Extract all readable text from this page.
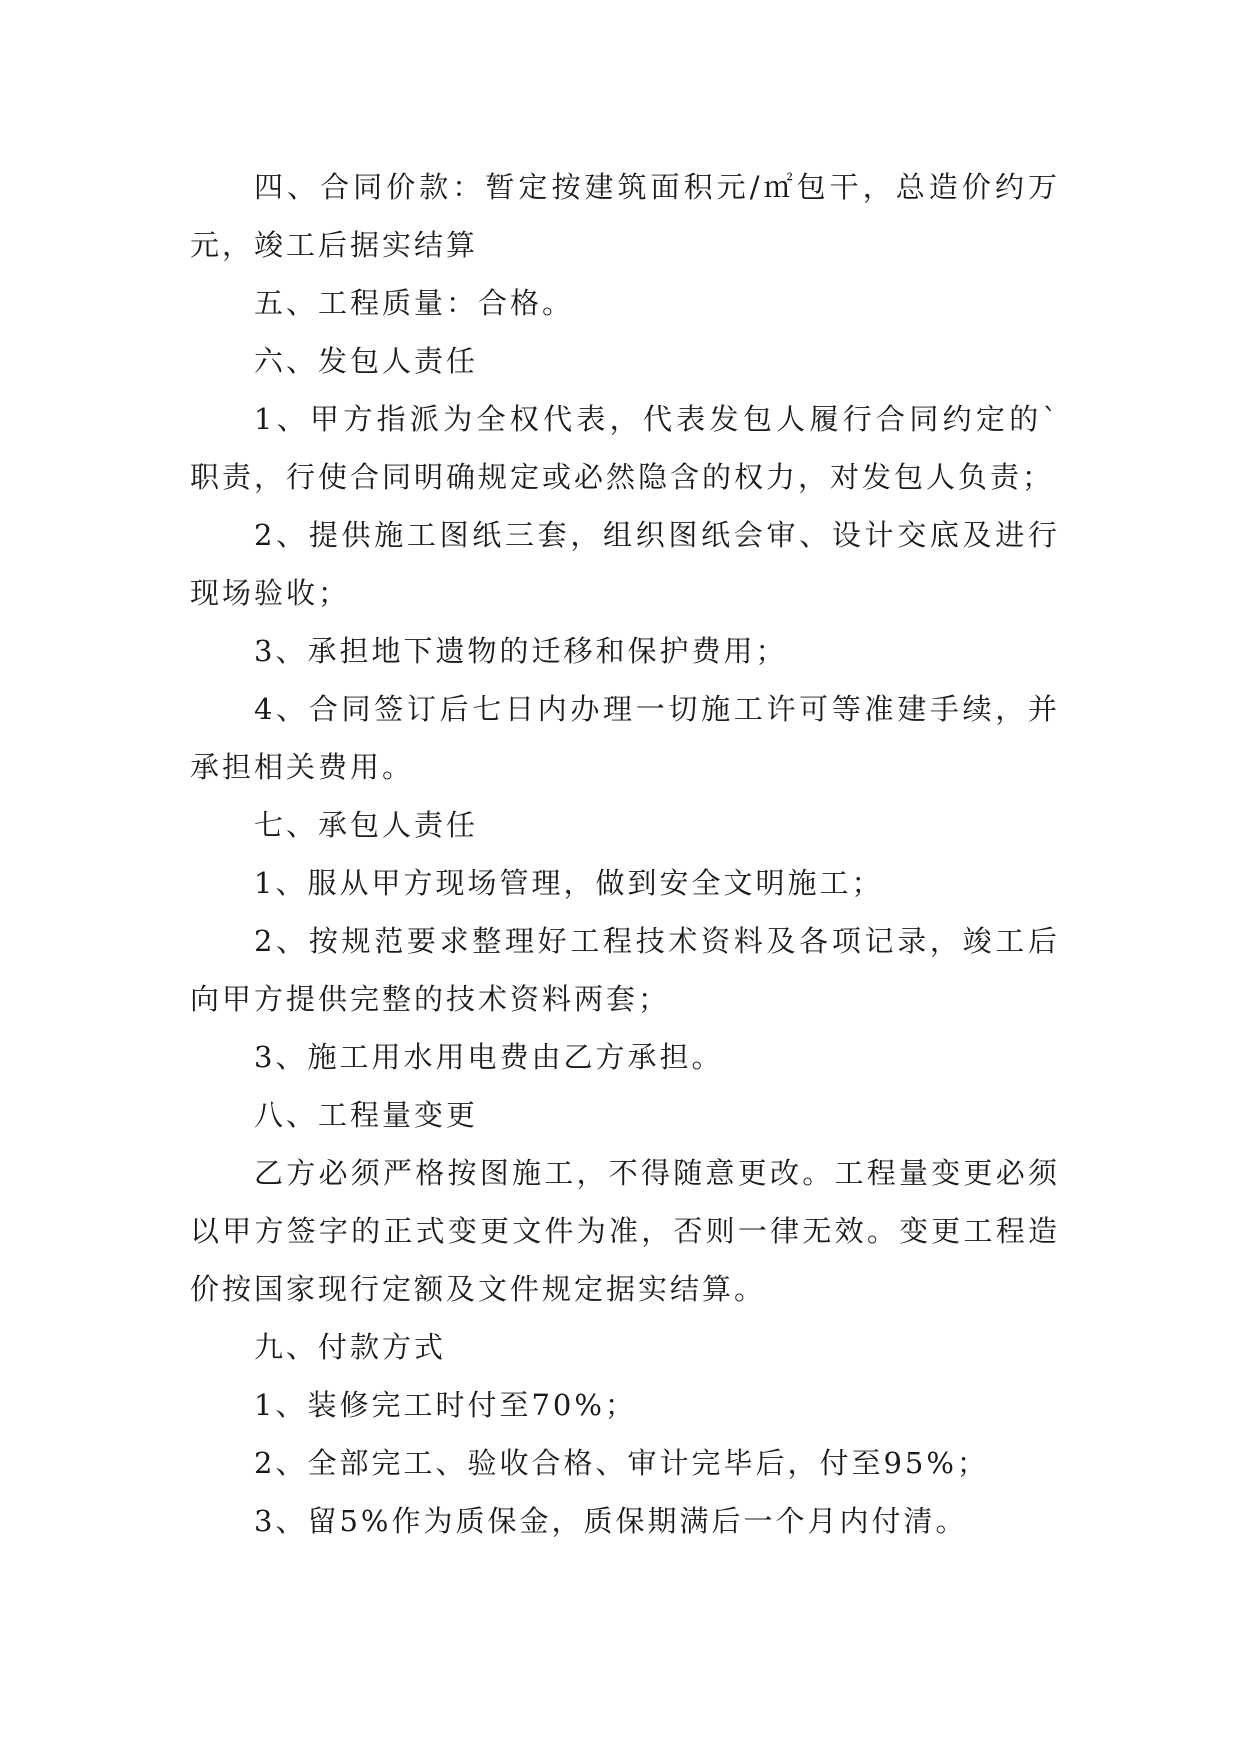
四、合同价款：暂定按建筑面积元/㎡包干，总造价约万元，竣工后据实结算

五、工程质量：合格。

六、发包人责任

1、甲方指派为全权代表，代表发包人履行合同约定的`职责，行使合同明确规定或必然隐含的权力，对发包人负责；

2、提供施工图纸三套，组织图纸会审、设计交底及进行现场验收；

3、承担地下遗物的迁移和保护费用；

4、合同签订后七日内办理一切施工许可等准建手续，并承担相关费用。

七、承包人责任

1、服从甲方现场管理，做到安全文明施工；

2、按规范要求整理好工程技术资料及各项记录，竣工后向甲方提供完整的技术资料两套；

3、施工用水用电费由乙方承担。

八、工程量变更

乙方必须严格按图施工，不得随意更改。工程量变更必须以甲方签字的正式变更文件为准，否则一律无效。变更工程造价按国家现行定额及文件规定据实结算。

九、付款方式

1、装修完工时付至70%；

2、全部完工、验收合格、审计完毕后，付至95%；

3、留5%作为质保金，质保期满后一个月内付清。
